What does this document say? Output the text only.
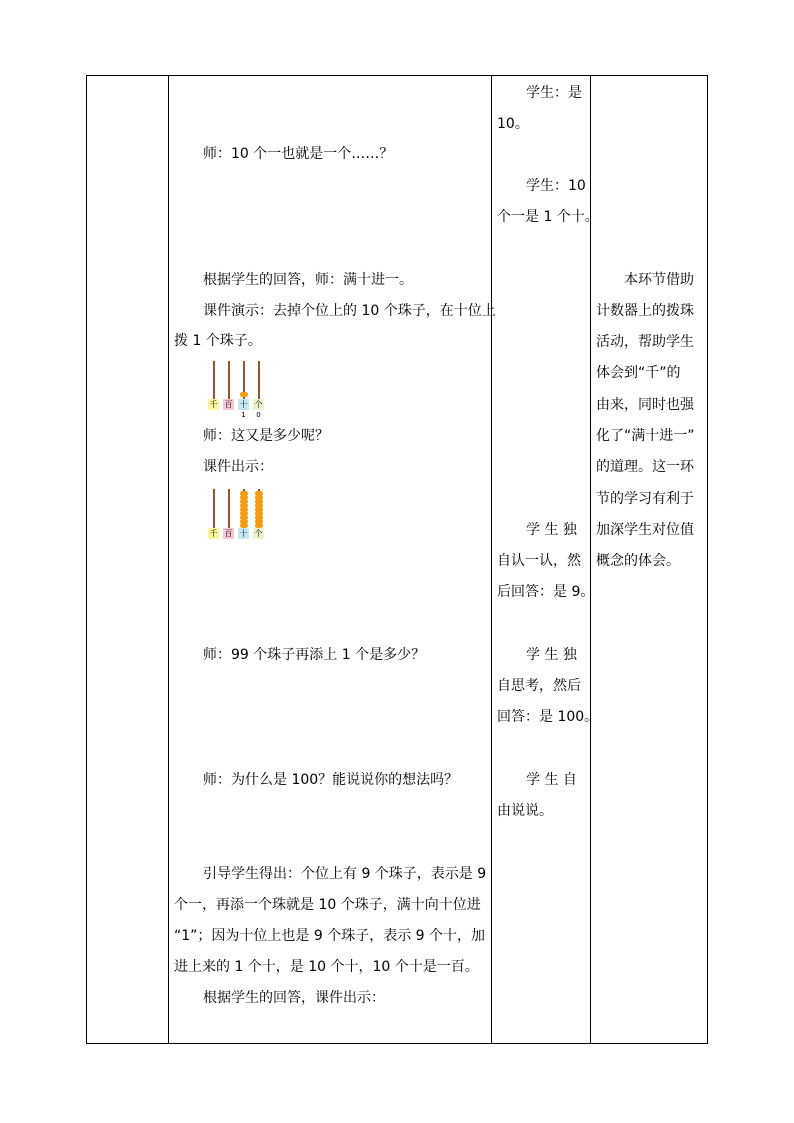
师：10 个一也就是一个……？
根据学生的回答，师：满十进一。
课件演示：去掉个位上的 10 个珠子，在十位上
拨 1 个珠子。
千 百 十 个
1	0
师：这又是多少呢？
课件出示：
千 百 十 个
师：99 个珠子再添上 1 个是多少？
师：为什么是 100？能说说你的想法吗？
引导学生得出：个位上有 9 个珠子，表示是 9
个一，再添一个珠就是 10 个珠子，满十向十位进
“1”；因为十位上也是 9 个珠子，表示 9 个十，加
进上来的 1 个十，是 10 个十，10 个十是一百。
根据学生的回答，课件出示：
学生：是
10。
学生：10
个一是 1 个十。
学 生 独
自认一认，然
后回答：是 9。
学 生 独
自思考，然后
回答：是 100。
学 生 自
由说说。
本环节借助
计数器上的拨珠
活动，帮助学生
体会到“千”的
由来，同时也强
化了“满十进一”
的道理。这一环
节的学习有利于
加深学生对位值
概念的体会。
